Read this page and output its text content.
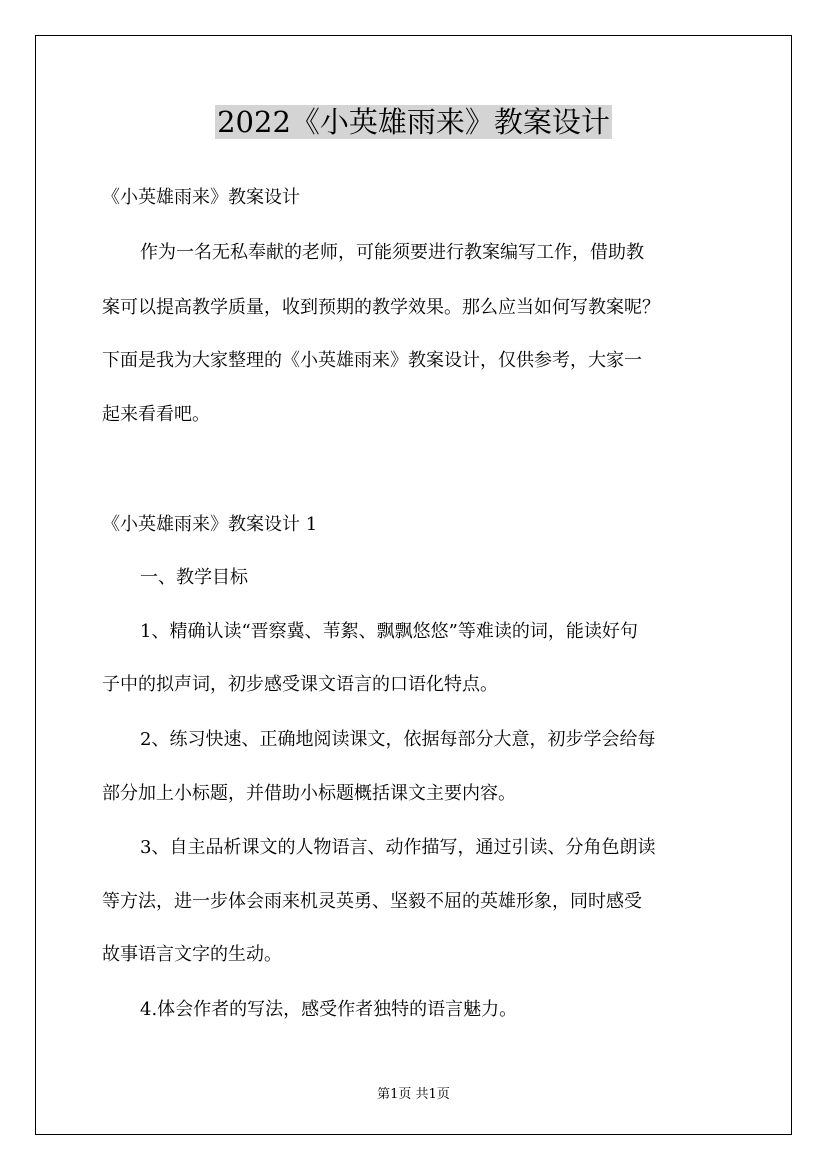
2022《小英雄雨来》教案设计
《小英雄雨来》教案设计
作为一名无私奉献的老师，可能须要进行教案编写工作，借助教
案可以提高教学质量，收到预期的教学效果。那么应当如何写教案呢？
下面是我为大家整理的《小英雄雨来》教案设计，仅供参考，大家一
起来看看吧。
《小英雄雨来》教案设计 1
一、教学目标
1、精确认读“晋察冀、苇絮、飘飘悠悠”等难读的词，能读好句
子中的拟声词，初步感受课文语言的口语化特点。
2、练习快速、正确地阅读课文，依据每部分大意，初步学会给每
部分加上小标题，并借助小标题概括课文主要内容。
3、自主品析课文的人物语言、动作描写，通过引读、分角色朗读
等方法，进一步体会雨来机灵英勇、坚毅不屈的英雄形象，同时感受
故事语言文字的生动。
4.体会作者的写法，感受作者独特的语言魅力。
第1页 共1页
